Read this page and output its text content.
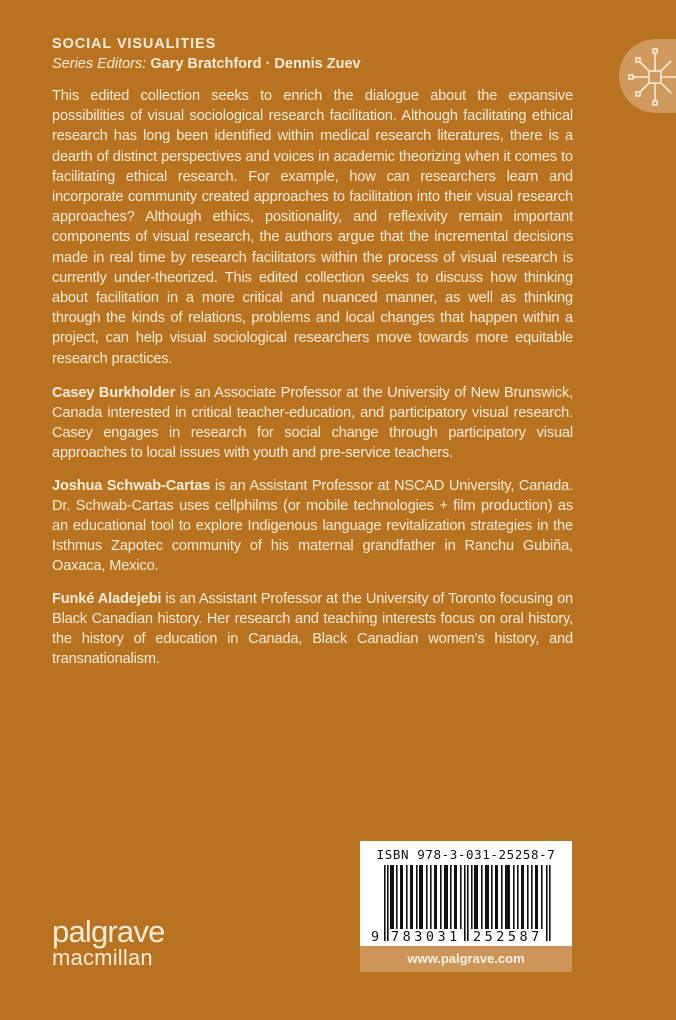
SOCIAL VISUALITIES
Series Editors: Gary Bratchford · Dennis Zuev

This edited collection seeks to enrich the dialogue about the expansive possibilities of visual sociological research facilitation. Although facilitating ethical research has long been identified within medical research literatures, there is a dearth of distinct perspectives and voices in academic theorizing when it comes to facilitating ethical research. For example, how can researchers learn and incorporate community created approaches to facilitation into their visual research approaches? Although ethics, positionality, and reflexivity remain important components of visual research, the authors argue that the incremental decisions made in real time by research facilitators within the process of visual research is currently under-theorized. This edited collection seeks to discuss how thinking about facilitation in a more critical and nuanced manner, as well as thinking through the kinds of relations, problems and local changes that happen within a project, can help visual sociological researchers move towards more equitable research practices.

Casey Burkholder is an Associate Professor at the University of New Brunswick, Canada interested in critical teacher-education, and participatory visual research. Casey engages in research for social change through participatory visual approaches to local issues with youth and pre-service teachers.

Joshua Schwab-Cartas is an Assistant Professor at NSCAD University, Canada. Dr. Schwab-Cartas uses cellphilms (or mobile technologies + film production) as an educational tool to explore Indigenous language revitalization strategies in the Isthmus Zapotec community of his maternal grandfather in Ranchu Gubiña, Oaxaca, Mexico.

Funké Aladejebi is an Assistant Professor at the University of Toronto focusing on Black Canadian history. Her research and teaching interests focus on oral history, the history of education in Canada, Black Canadian women’s history, and transnationalism.

palgrave
macmillan
ISBN 978-3-031-25258-7
9 783031 252587
www.palgrave.com
